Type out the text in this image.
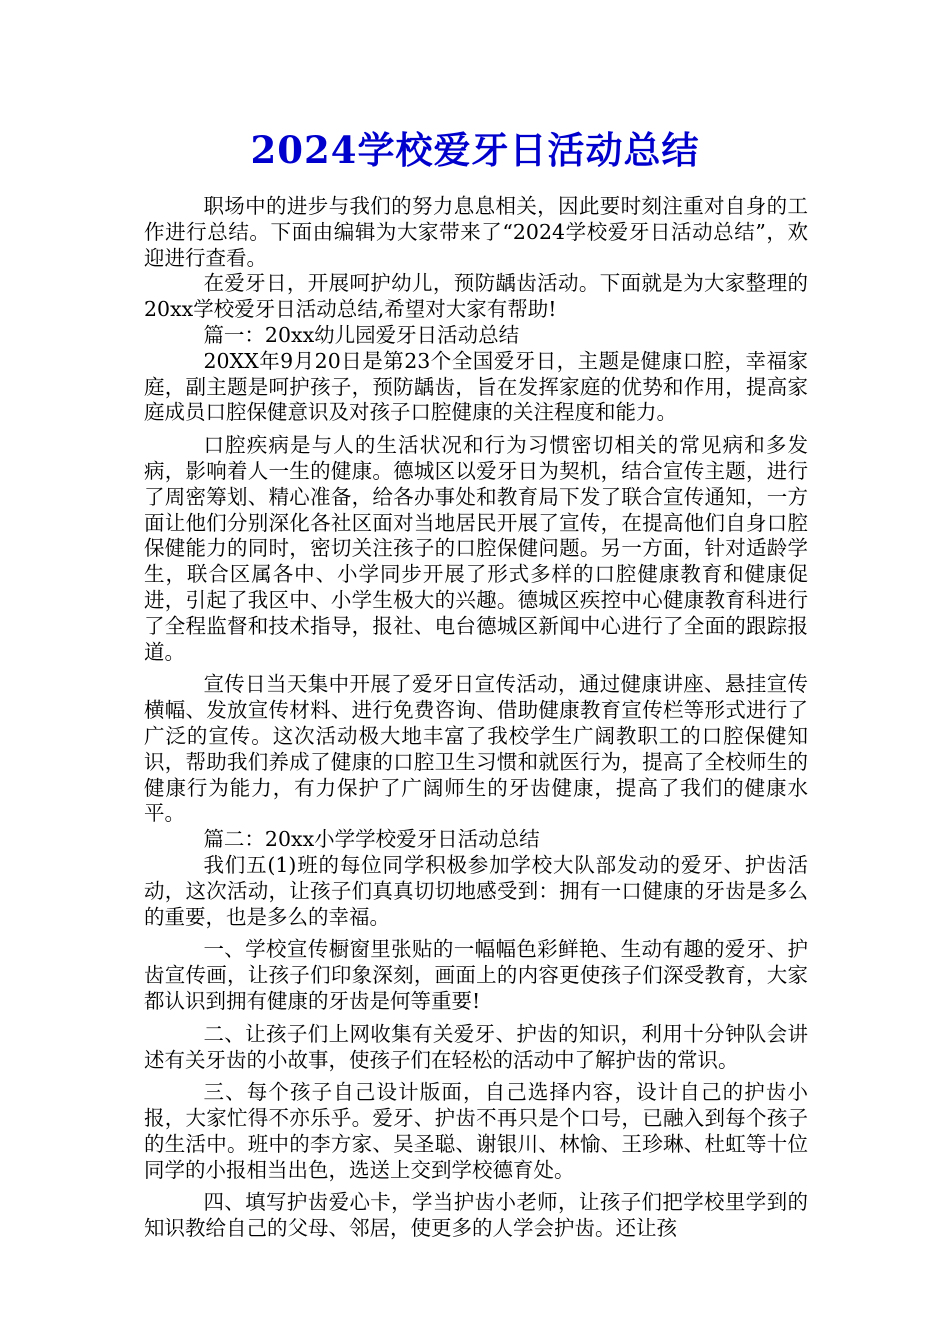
2024学校爱牙日活动总结

职场中的进步与我们的努力息息相关，因此要时刻注重对自身的工作进行总结。下面由编辑为大家带来了“2024学校爱牙日活动总结”，欢迎进行查看。

在爱牙日，开展呵护幼儿，预防龋齿活动。下面就是为大家整理的20xx学校爱牙日活动总结,希望对大家有帮助!

篇一：20xx幼儿园爱牙日活动总结

20XX年9月20日是第23个全国爱牙日，主题是健康口腔，幸福家庭，副主题是呵护孩子，预防龋齿，旨在发挥家庭的优势和作用，提高家庭成员口腔保健意识及对孩子口腔健康的关注程度和能力。

口腔疾病是与人的生活状况和行为习惯密切相关的常见病和多发病，影响着人一生的健康。德城区以爱牙日为契机，结合宣传主题，进行了周密筹划、精心准备，给各办事处和教育局下发了联合宣传通知，一方面让他们分别深化各社区面对当地居民开展了宣传，在提高他们自身口腔保健能力的同时，密切关注孩子的口腔保健问题。另一方面，针对适龄学生，联合区属各中、小学同步开展了形式多样的口腔健康教育和健康促进，引起了我区中、小学生极大的兴趣。德城区疾控中心健康教育科进行了全程监督和技术指导，报社、电台德城区新闻中心进行了全面的跟踪报道。

宣传日当天集中开展了爱牙日宣传活动，通过健康讲座、悬挂宣传横幅、发放宣传材料、进行免费咨询、借助健康教育宣传栏等形式进行了广泛的宣传。这次活动极大地丰富了我校学生广阔教职工的口腔保健知识，帮助我们养成了健康的口腔卫生习惯和就医行为，提高了全校师生的健康行为能力，有力保护了广阔师生的牙齿健康，提高了我们的健康水平。

篇二：20xx小学学校爱牙日活动总结

我们五(1)班的每位同学积极参加学校大队部发动的爱牙、护齿活动，这次活动，让孩子们真真切切地感受到：拥有一口健康的牙齿是多么的重要，也是多么的幸福。

一、学校宣传橱窗里张贴的一幅幅色彩鲜艳、生动有趣的爱牙、护齿宣传画，让孩子们印象深刻，画面上的内容更使孩子们深受教育，大家都认识到拥有健康的牙齿是何等重要!

二、让孩子们上网收集有关爱牙、护齿的知识，利用十分钟队会讲述有关牙齿的小故事，使孩子们在轻松的活动中了解护齿的常识。

三、每个孩子自己设计版面，自己选择内容，设计自己的护齿小报，大家忙得不亦乐乎。爱牙、护齿不再只是个口号，已融入到每个孩子的生活中。班中的李方家、吴圣聪、谢银川、林愉、王珍琳、杜虹等十位同学的小报相当出色，选送上交到学校德育处。

四、填写护齿爱心卡，学当护齿小老师，让孩子们把学校里学到的知识教给自己的父母、邻居，使更多的人学会护齿。还让孩
